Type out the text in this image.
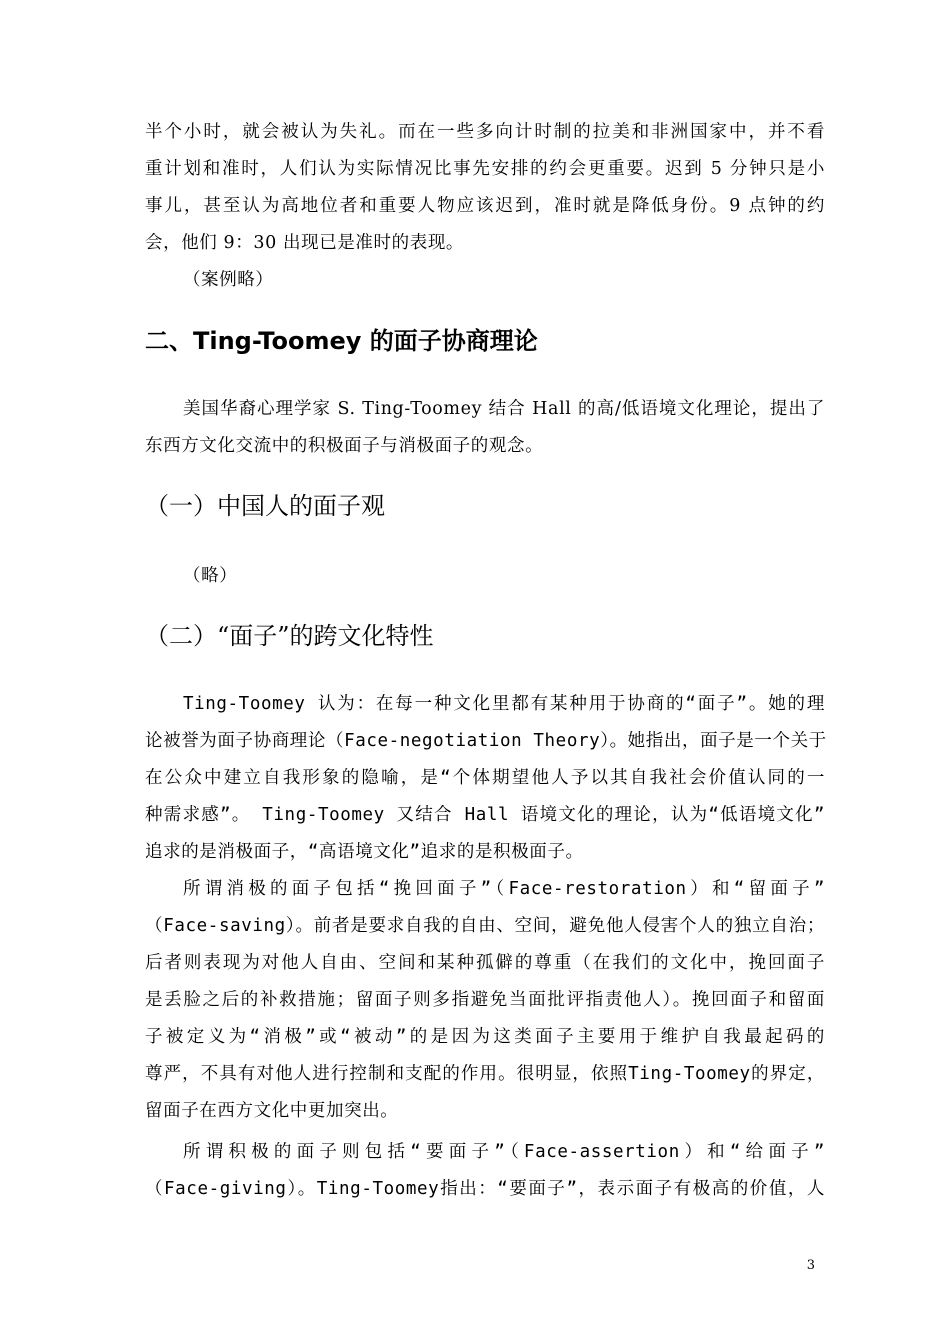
半个小时，就会被认为失礼。而在一些多向计时制的拉美和非洲国家中，并不看
重计划和准时，人们认为实际情况比事先安排的约会更重要。迟到 5 分钟只是小
事儿，甚至认为高地位者和重要人物应该迟到，准时就是降低身份。9 点钟的约
会，他们 9：30 出现已是准时的表现。
（案例略）
二、Ting-Toomey 的面子协商理论
美国华裔心理学家 S. Ting-Toomey 结合 Hall 的高/低语境文化理论，提出了
东西方文化交流中的积极面子与消极面子的观念。
（一）中国人的面子观
（略）
（二）“面子”的跨文化特性
Ting-Toomey 认为：在每一种文化里都有某种用于协商的“面子”。她的理
论被誉为面子协商理论（Face-negotiation Theory）。她指出，面子是一个关于
在公众中建立自我形象的隐喻，是“个体期望他人予以其自我社会价值认同的一
种需求感”。 Ting-Toomey 又结合 Hall 语境文化的理论，认为“低语境文化”
追求的是消极面子，“高语境文化”追求的是积极面子。
所谓消极的面子包括“挽回面子”（Face-restoration）和“留面子”
（Face-saving）。前者是要求自我的自由、空间，避免他人侵害个人的独立自治；
后者则表现为对他人自由、空间和某种孤僻的尊重（在我们的文化中，挽回面子
是丢脸之后的补救措施；留面子则多指避免当面批评指责他人）。挽回面子和留面
子被定义为“消极”或“被动”的是因为这类面子主要用于维护自我最起码的
尊严，不具有对他人进行控制和支配的作用。很明显，依照Ting-Toomey的界定，
留面子在西方文化中更加突出。
所谓积极的面子则包括“要面子”（Face-assertion）和“给面子”
（Face-giving）。Ting-Toomey指出：“要面子”，表示面子有极高的价值，人
3
